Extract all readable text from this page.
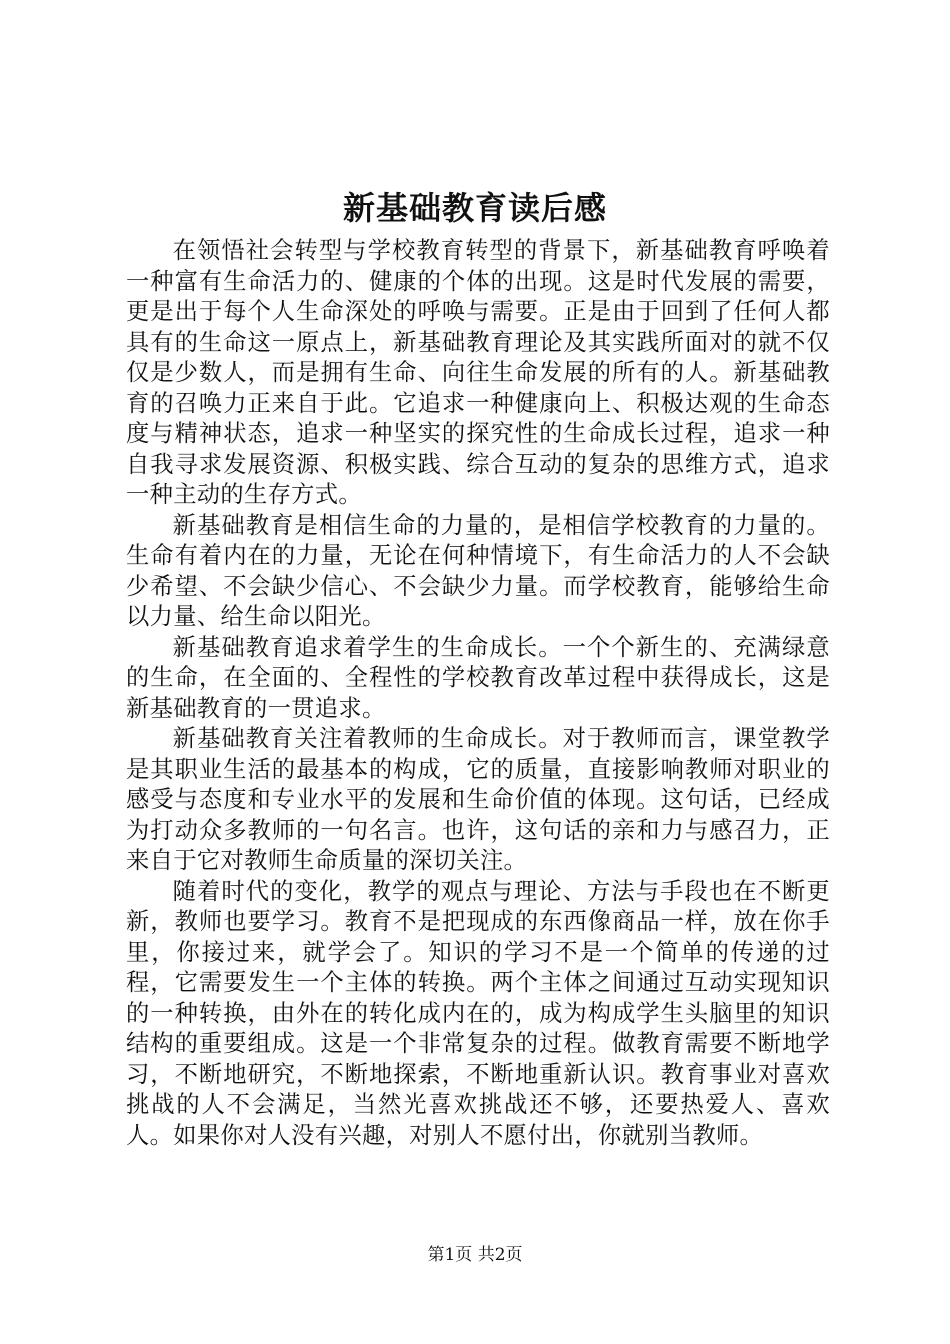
新基础教育读后感

在领悟社会转型与学校教育转型的背景下，新基础教育呼唤着一种富有生命活力的、健康的个体的出现。这是时代发展的需要，更是出于每个人生命深处的呼唤与需要。正是由于回到了任何人都具有的生命这一原点上，新基础教育理论及其实践所面对的就不仅仅是少数人，而是拥有生命、向往生命发展的所有的人。新基础教育的召唤力正来自于此。它追求一种健康向上、积极达观的生命态度与精神状态，追求一种坚实的探究性的生命成长过程，追求一种自我寻求发展资源、积极实践、综合互动的复杂的思维方式，追求一种主动的生存方式。

新基础教育是相信生命的力量的，是相信学校教育的力量的。生命有着内在的力量，无论在何种情境下，有生命活力的人不会缺少希望、不会缺少信心、不会缺少力量。而学校教育，能够给生命以力量、给生命以阳光。

新基础教育追求着学生的生命成长。一个个新生的、充满绿意的生命，在全面的、全程性的学校教育改革过程中获得成长，这是新基础教育的一贯追求。

新基础教育关注着教师的生命成长。对于教师而言，课堂教学是其职业生活的最基本的构成，它的质量，直接影响教师对职业的感受与态度和专业水平的发展和生命价值的体现。这句话，已经成为打动众多教师的一句名言。也许，这句话的亲和力与感召力，正来自于它对教师生命质量的深切关注。

随着时代的变化，教学的观点与理论、方法与手段也在不断更新，教师也要学习。教育不是把现成的东西像商品一样，放在你手里，你接过来，就学会了。知识的学习不是一个简单的传递的过程，它需要发生一个主体的转换。两个主体之间通过互动实现知识的一种转换，由外在的转化成内在的，成为构成学生头脑里的知识结构的重要组成。这是一个非常复杂的过程。做教育需要不断地学习，不断地研究，不断地探索，不断地重新认识。教育事业对喜欢挑战的人不会满足，当然光喜欢挑战还不够，还要热爱人、喜欢人。如果你对人没有兴趣，对别人不愿付出，你就别当教师。

第1页 共2页
